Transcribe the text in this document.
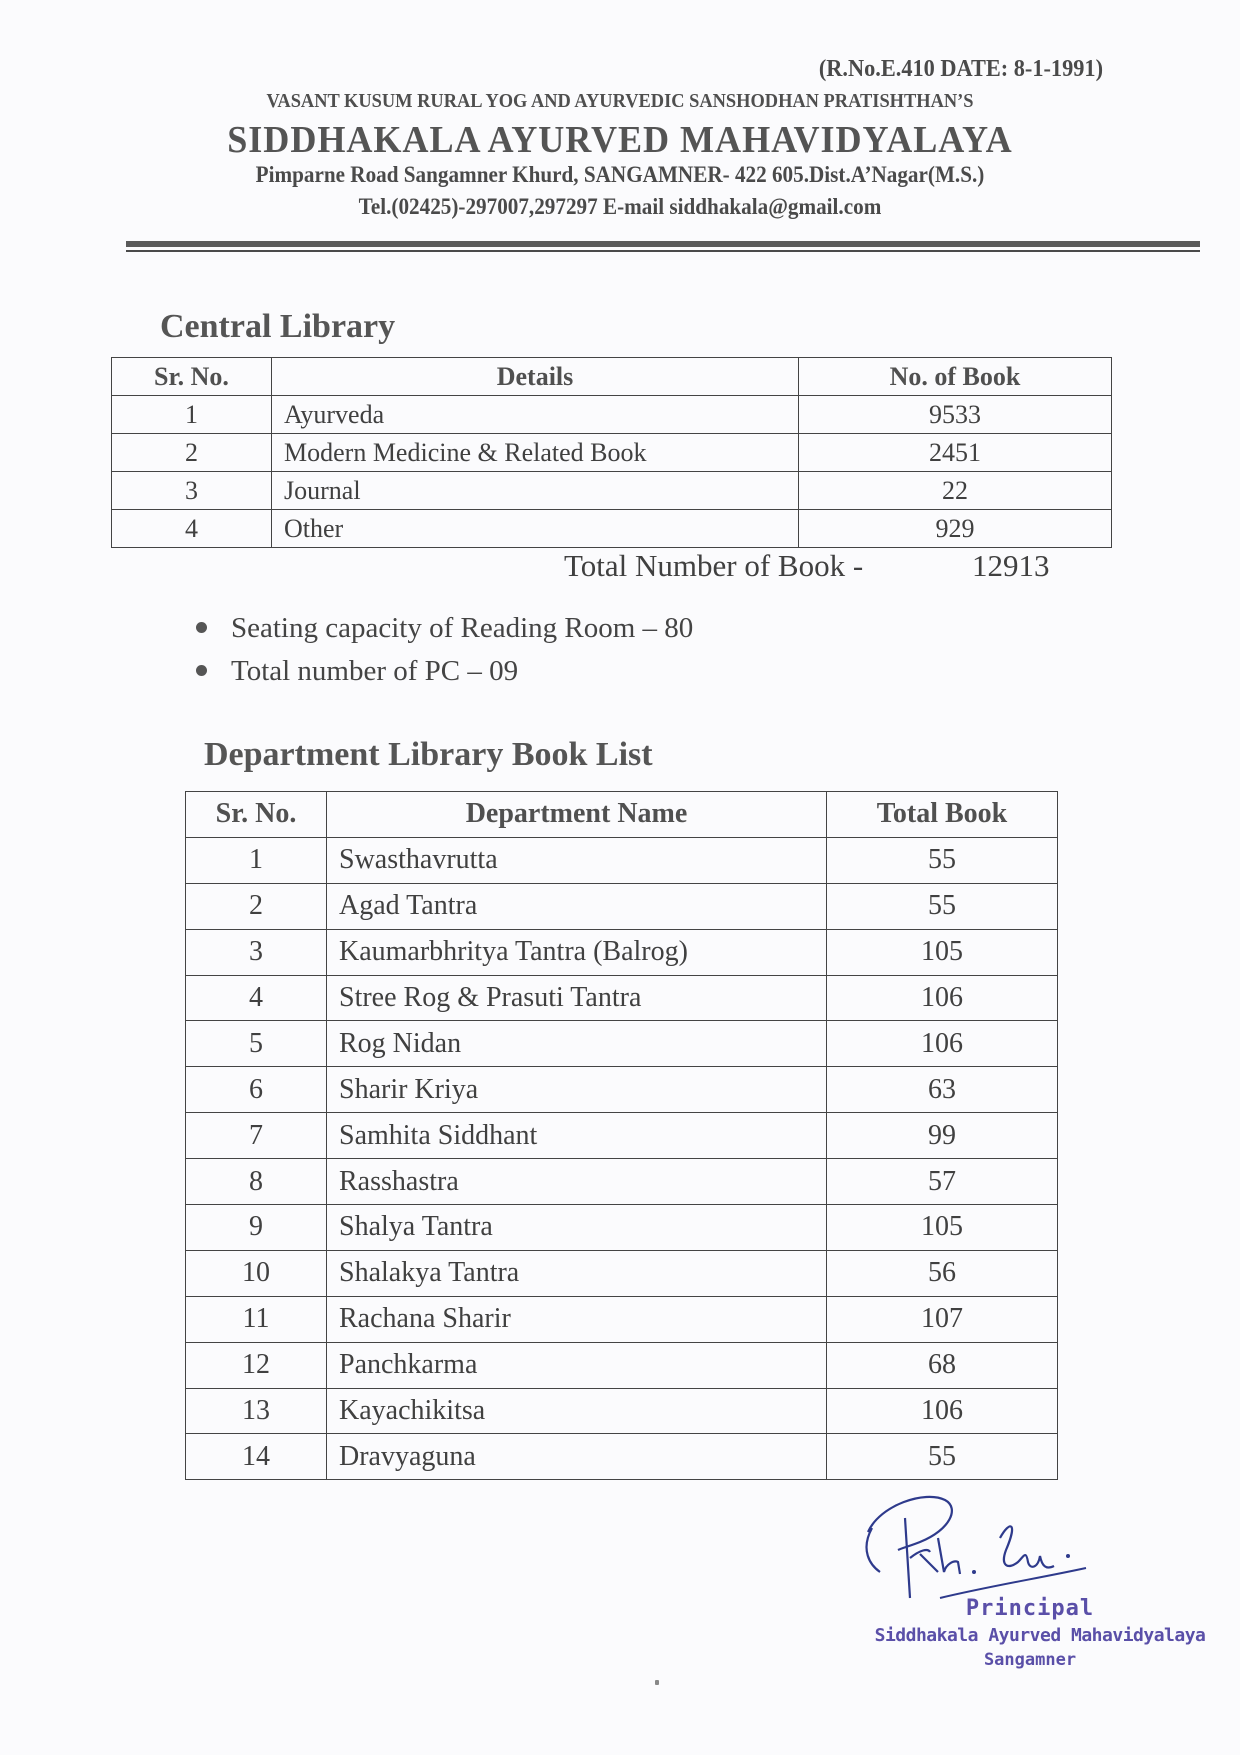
(R.No.E.410 DATE: 8-1-1991)
VASANT KUSUM RURAL YOG AND AYURVEDIC SANSHODHAN PRATISHTHAN’S
SIDDHAKALA AYURVED MAHAVIDYALAYA
Pimparne Road Sangamner Khurd, SANGAMNER- 422 605.Dist.A’Nagar(M.S.)
Tel.(02425)-297007,297297 E-mail siddhakala@gmail.com
Central Library
Sr. No.	Details	No. of Book
1	Ayurveda	9533
2	Modern Medicine & Related Book	2451
3	Journal	22
4	Other	929
Total Number of Book -	12913
Seating capacity of Reading Room – 80
Total number of PC – 09
Department Library Book List
Sr. No.	Department Name	Total Book
1	Swasthavrutta	55
2	Agad Tantra	55
3	Kaumarbhritya Tantra (Balrog)	105
4	Stree Rog & Prasuti Tantra	106
5	Rog Nidan	106
6	Sharir Kriya	63
7	Samhita Siddhant	99
8	Rasshastra	57
9	Shalya Tantra	105
10	Shalakya Tantra	56
11	Rachana Sharir	107
12	Panchkarma	68
13	Kayachikitsa	106
14	Dravyaguna	55
Principal
Siddhakala Ayurved Mahavidyalaya
Sangamner
